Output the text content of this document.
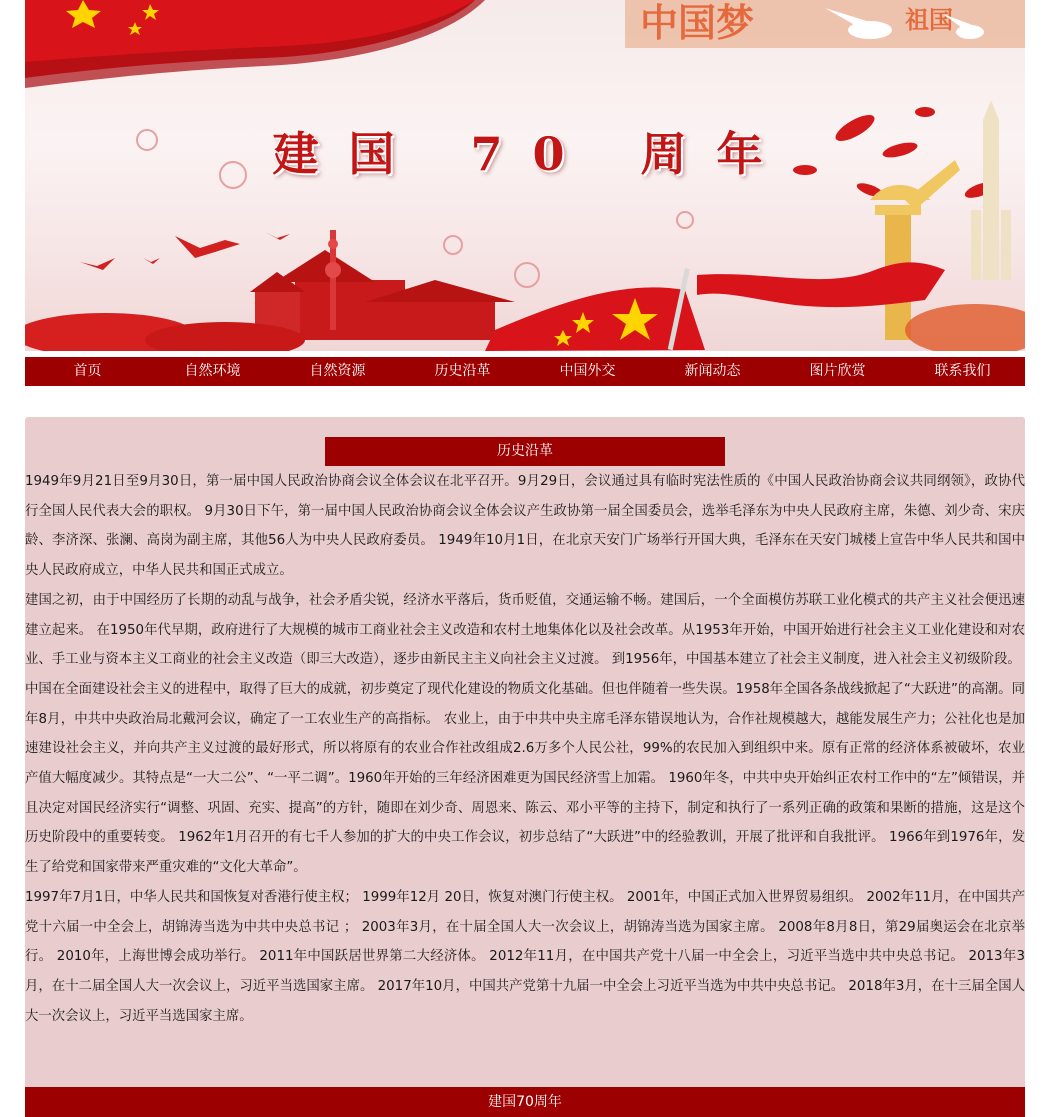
中国梦	祖国
建国 70 周年
首页	自然环境	自然资源	历史沿革	中国外交	新闻动态	图片欣赏	联系我们
历史沿革

1949年9月21日至9月30日，第一届中国人民政治协商会议全体会议在北平召开。9月29日，会议通过具有临时宪法性质的《中国人民政治协商会议共同纲领》，政协代行全国人民代表大会的职权。 9月30日下午，第一届中国人民政治协商会议全体会议产生政协第一届全国委员会，选举毛泽东为中央人民政府主席，朱德、刘少奇、宋庆龄、李济深、张澜、高岗为副主席，其他56人为中央人民政府委员。 1949年10月1日，在北京天安门广场举行开国大典，毛泽东在天安门城楼上宣告中华人民共和国中央人民政府成立，中华人民共和国正式成立。

建国之初，由于中国经历了长期的动乱与战争，社会矛盾尖锐，经济水平落后，货币贬值，交通运输不畅。建国后，一个全面模仿苏联工业化模式的共产主义社会便迅速建立起来。 在1950年代早期，政府进行了大规模的城市工商业社会主义改造和农村土地集体化以及社会改革。从1953年开始，中国开始进行社会主义工业化建设和对农业、手工业与资本主义工商业的社会主义改造（即三大改造），逐步由新民主主义向社会主义过渡。 到1956年，中国基本建立了社会主义制度，进入社会主义初级阶段。

中国在全面建设社会主义的进程中，取得了巨大的成就，初步奠定了现代化建设的物质文化基础。但也伴随着一些失误。1958年全国各条战线掀起了“大跃进”的高潮。同年8月，中共中央政治局北戴河会议，确定了一工农业生产的高指标。 农业上，由于中共中央主席毛泽东错误地认为，合作社规模越大，越能发展生产力；公社化也是加速建设社会主义，并向共产主义过渡的最好形式，所以将原有的农业合作社改组成2.6万多个人民公社，99%的农民加入到组织中来。原有正常的经济体系被破坏，农业产值大幅度减少。其特点是“一大二公”、“一平二调”。1960年开始的三年经济困难更为国民经济雪上加霜。 1960年冬，中共中央开始纠正农村工作中的“左”倾错误，并且决定对国民经济实行“调整、巩固、充实、提高”的方针，随即在刘少奇、周恩来、陈云、邓小平等的主持下，制定和执行了一系列正确的政策和果断的措施，这是这个历史阶段中的重要转变。 1962年1月召开的有七千人参加的扩大的中央工作会议，初步总结了“大跃进”中的经验教训，开展了批评和自我批评。 1966年到1976年，发生了给党和国家带来严重灾难的“文化大革命”。

1997年7月1日，中华人民共和国恢复对香港行使主权； 1999年12月 20日，恢复对澳门行使主权。 2001年，中国正式加入世界贸易组织。 2002年11月，在中国共产党十六届一中全会上，胡锦涛当选为中共中央总书记 ； 2003年3月，在十届全国人大一次会议上，胡锦涛当选为国家主席。 2008年8月8日，第29届奥运会在北京举行。 2010年，上海世博会成功举行。 2011年中国跃居世界第二大经济体。 2012年11月，在中国共产党十八届一中全会上，习近平当选中共中央总书记。 2013年3月，在十二届全国人大一次会议上，习近平当选国家主席。 2017年10月，中国共产党第十九届一中全会上习近平当选为中共中央总书记。 2018年3月，在十三届全国人大一次会议上，习近平当选国家主席。

建国70周年
